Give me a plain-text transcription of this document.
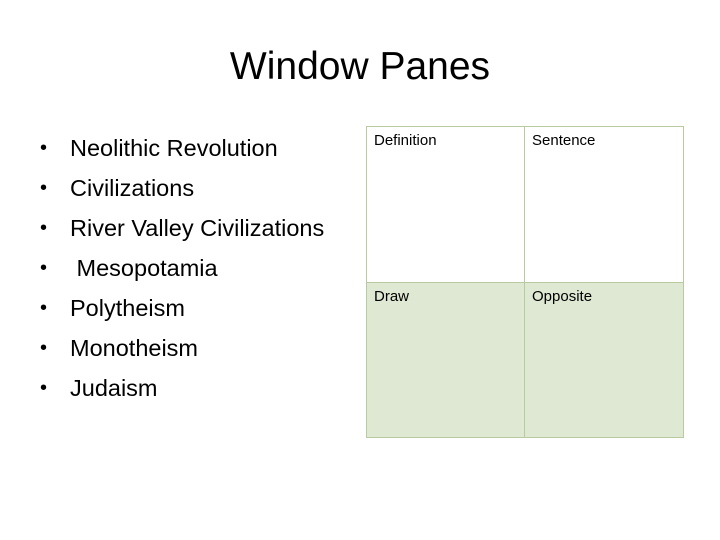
Window Panes
• Neolithic Revolution
• Civilizations
• River Valley Civilizations
• Mesopotamia
• Polytheism
• Monotheism
• Judaism
Definition	Sentence
Draw	Opposite
